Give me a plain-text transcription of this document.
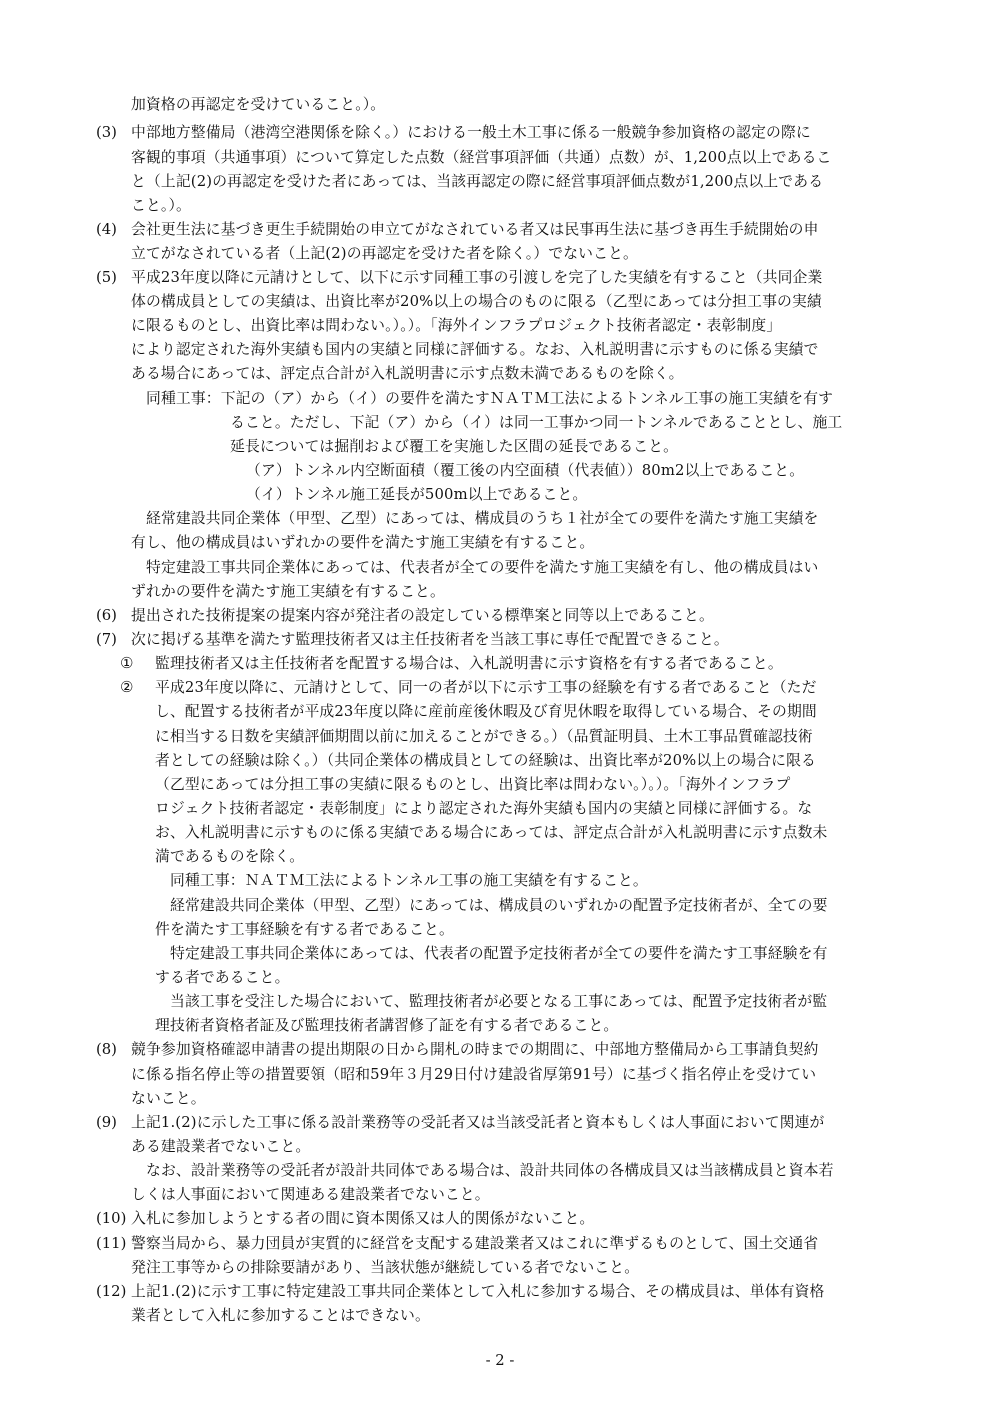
加資格の再認定を受けていること。）。
(3) 中部地方整備局（港湾空港関係を除く。）における一般土木工事に係る一般競争参加資格の認定の際に
客観的事項（共通事項）について算定した点数（経営事項評価（共通）点数）が、1,200点以上であるこ
と（上記(2)の再認定を受けた者にあっては、当該再認定の際に経営事項評価点数が1,200点以上である
こと。）。
(4) 会社更生法に基づき更生手続開始の申立てがなされている者又は民事再生法に基づき再生手続開始の申
立てがなされている者（上記(2)の再認定を受けた者を除く。）でないこと。
(5) 平成23年度以降に元請けとして、以下に示す同種工事の引渡しを完了した実績を有すること（共同企業
体の構成員としての実績は、出資比率が20%以上の場合のものに限る（乙型にあっては分担工事の実績
に限るものとし、出資比率は問わない。）。）。「海外インフラプロジェクト技術者認定・表彰制度」
により認定された海外実績も国内の実績と同様に評価する。なお、入札説明書に示すものに係る実績で
ある場合にあっては、評定点合計が入札説明書に示す点数未満であるものを除く。
同種工事：下記の（ア）から（イ）の要件を満たすＮＡＴＭ工法によるトンネル工事の施工実績を有す
ること。ただし、下記（ア）から（イ）は同一工事かつ同一トンネルであることとし、施工
延長については掘削および覆工を実施した区間の延長であること。
（ア）トンネル内空断面積（覆工後の内空面積（代表値））80m2以上であること。
（イ）トンネル施工延長が500m以上であること。
経常建設共同企業体（甲型、乙型）にあっては、構成員のうち１社が全ての要件を満たす施工実績を
有し、他の構成員はいずれかの要件を満たす施工実績を有すること。
特定建設工事共同企業体にあっては、代表者が全ての要件を満たす施工実績を有し、他の構成員はい
ずれかの要件を満たす施工実績を有すること。
(6) 提出された技術提案の提案内容が発注者の設定している標準案と同等以上であること。
(7) 次に掲げる基準を満たす監理技術者又は主任技術者を当該工事に専任で配置できること。
① 監理技術者又は主任技術者を配置する場合は、入札説明書に示す資格を有する者であること。
② 平成23年度以降に、元請けとして、同一の者が以下に示す工事の経験を有する者であること（ただ
し、配置する技術者が平成23年度以降に産前産後休暇及び育児休暇を取得している場合、その期間
に相当する日数を実績評価期間以前に加えることができる。）（品質証明員、土木工事品質確認技術
者としての経験は除く。）（共同企業体の構成員としての経験は、出資比率が20%以上の場合に限る
（乙型にあっては分担工事の実績に限るものとし、出資比率は問わない。）。）。「海外インフラプ
ロジェクト技術者認定・表彰制度」により認定された海外実績も国内の実績と同様に評価する。な
お、入札説明書に示すものに係る実績である場合にあっては、評定点合計が入札説明書に示す点数未
満であるものを除く。
同種工事：ＮＡＴＭ工法によるトンネル工事の施工実績を有すること。
経常建設共同企業体（甲型、乙型）にあっては、構成員のいずれかの配置予定技術者が、全ての要
件を満たす工事経験を有する者であること。
特定建設工事共同企業体にあっては、代表者の配置予定技術者が全ての要件を満たす工事経験を有
する者であること。
当該工事を受注した場合において、監理技術者が必要となる工事にあっては、配置予定技術者が監
理技術者資格者証及び監理技術者講習修了証を有する者であること。
(8) 競争参加資格確認申請書の提出期限の日から開札の時までの期間に、中部地方整備局から工事請負契約
に係る指名停止等の措置要領（昭和59年３月29日付け建設省厚第91号）に基づく指名停止を受けてい
ないこと。
(9) 上記1.(2)に示した工事に係る設計業務等の受託者又は当該受託者と資本もしくは人事面において関連が
ある建設業者でないこと。
なお、設計業務等の受託者が設計共同体である場合は、設計共同体の各構成員又は当該構成員と資本若
しくは人事面において関連ある建設業者でないこと。
(10) 入札に参加しようとする者の間に資本関係又は人的関係がないこと。
(11) 警察当局から、暴力団員が実質的に経営を支配する建設業者又はこれに準ずるものとして、国土交通省
発注工事等からの排除要請があり、当該状態が継続している者でないこと。
(12) 上記1.(2)に示す工事に特定建設工事共同企業体として入札に参加する場合、その構成員は、単体有資格
業者として入札に参加することはできない。
- 2 -
